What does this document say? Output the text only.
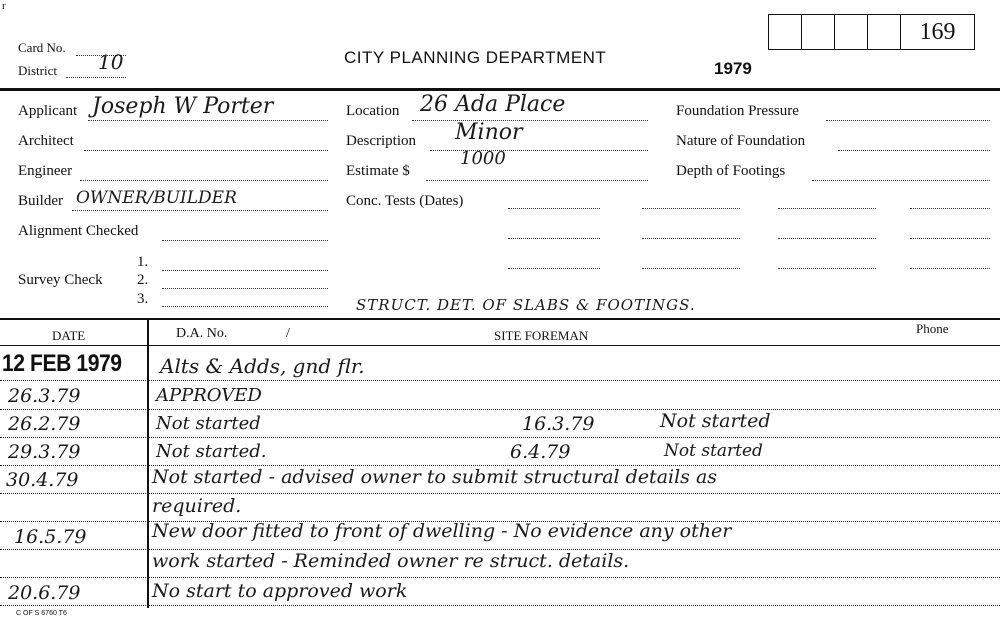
r
169
Card No.
District 10	CITY PLANNING DEPARTMENT
1979
Applicant Joseph W Porter
Architect
Engineer
Builder OWNER/BUILDER
Alignment Checked
Survey Check
1.
2.
3.
Location 26 Ada Place
Description Minor
Estimate $
1000
Conc. Tests (Dates)
Foundation Pressure
Nature of Foundation
Depth of Footings
STRUCT. DET. OF SLABS & FOOTINGS.
DATE	D.A. No.	/	SITE FOREMAN	Phone
12 FEB 1979 Alts & Adds, gnd flr.
26.3.79	APPROVED
26.2.79	Not started	16.3.79	Not started
29.3.79	Not started.	6.4.79	Not started
30.4.79	Not started - advised owner to submit structural details as
required.
16.5.79	New door fitted to front of dwelling - No evidence any other
work started - Reminded owner re struct. details.
20.6.79	No start to approved work
C OF S 6760 T6
